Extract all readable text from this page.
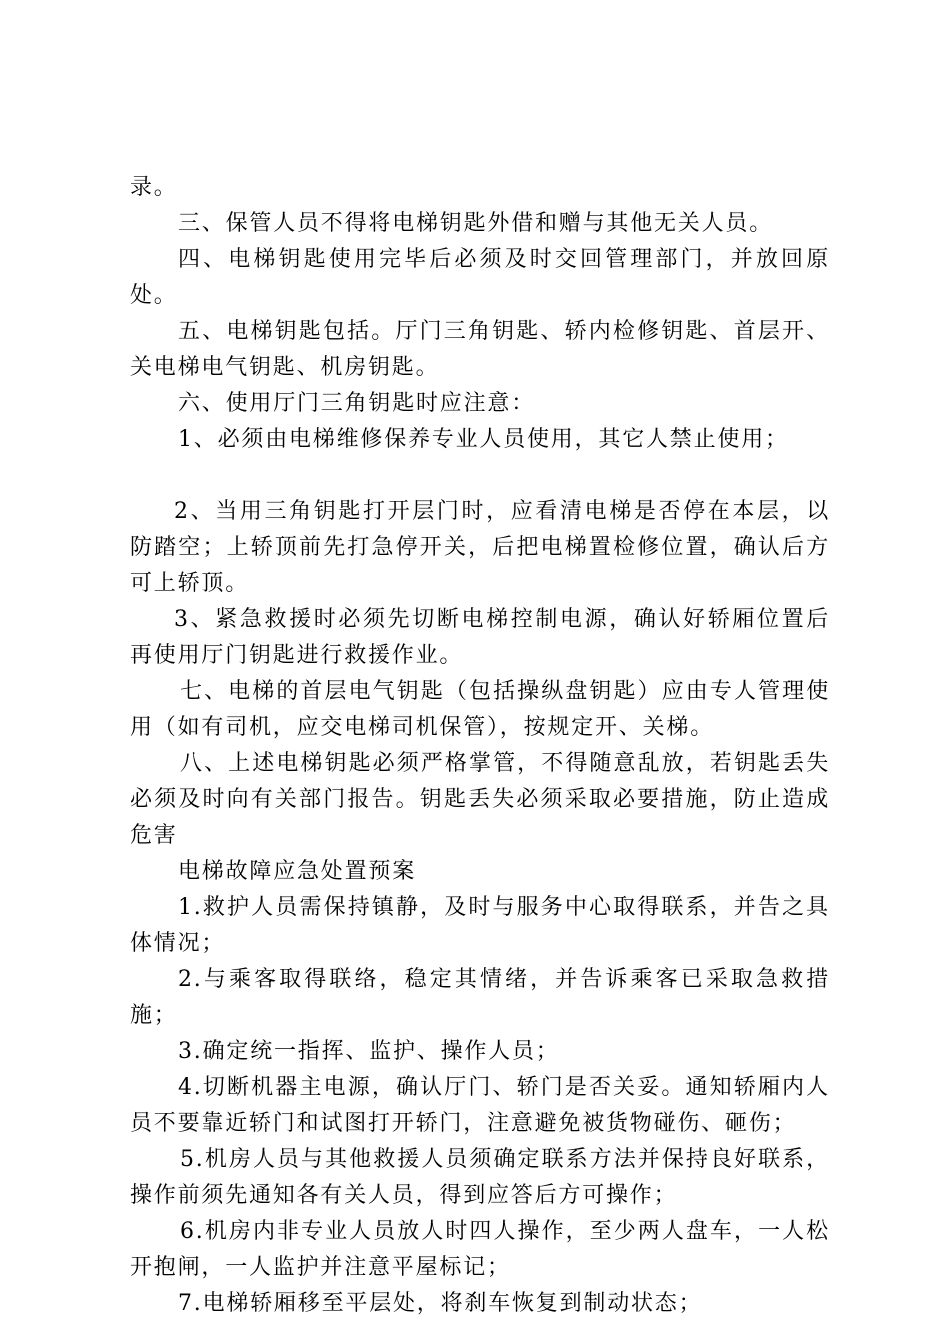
录。

三、保管人员不得将电梯钥匙外借和赠与其他无关人员。

四、电梯钥匙使用完毕后必须及时交回管理部门，并放回原处。

五、电梯钥匙包括。厅门三角钥匙、轿内检修钥匙、首层开、关电梯电气钥匙、机房钥匙。

六、使用厅门三角钥匙时应注意：

1、必须由电梯维修保养专业人员使用，其它人禁止使用；

2、当用三角钥匙打开层门时，应看清电梯是否停在本层，以防踏空；上轿顶前先打急停开关，后把电梯置检修位置，确认后方可上轿顶。

3、紧急救援时必须先切断电梯控制电源，确认好轿厢位置后再使用厅门钥匙进行救援作业。

七、电梯的首层电气钥匙（包括操纵盘钥匙）应由专人管理使用（如有司机，应交电梯司机保管），按规定开、关梯。

八、上述电梯钥匙必须严格掌管，不得随意乱放，若钥匙丢失必须及时向有关部门报告。钥匙丢失必须采取必要措施，防止造成危害

电梯故障应急处置预案

1.救护人员需保持镇静，及时与服务中心取得联系，并告之具体情况；

2.与乘客取得联络，稳定其情绪，并告诉乘客已采取急救措施；

3.确定统一指挥、监护、操作人员；

4.切断机器主电源，确认厅门、轿门是否关妥。通知轿厢内人员不要靠近轿门和试图打开轿门，注意避免被货物碰伤、砸伤；

5.机房人员与其他救援人员须确定联系方法并保持良好联系，操作前须先通知各有关人员，得到应答后方可操作；

6.机房内非专业人员放人时四人操作，至少两人盘车，一人松开抱闸，一人监护并注意平屋标记；

7.电梯轿厢移至平层处，将刹车恢复到制动状态；
